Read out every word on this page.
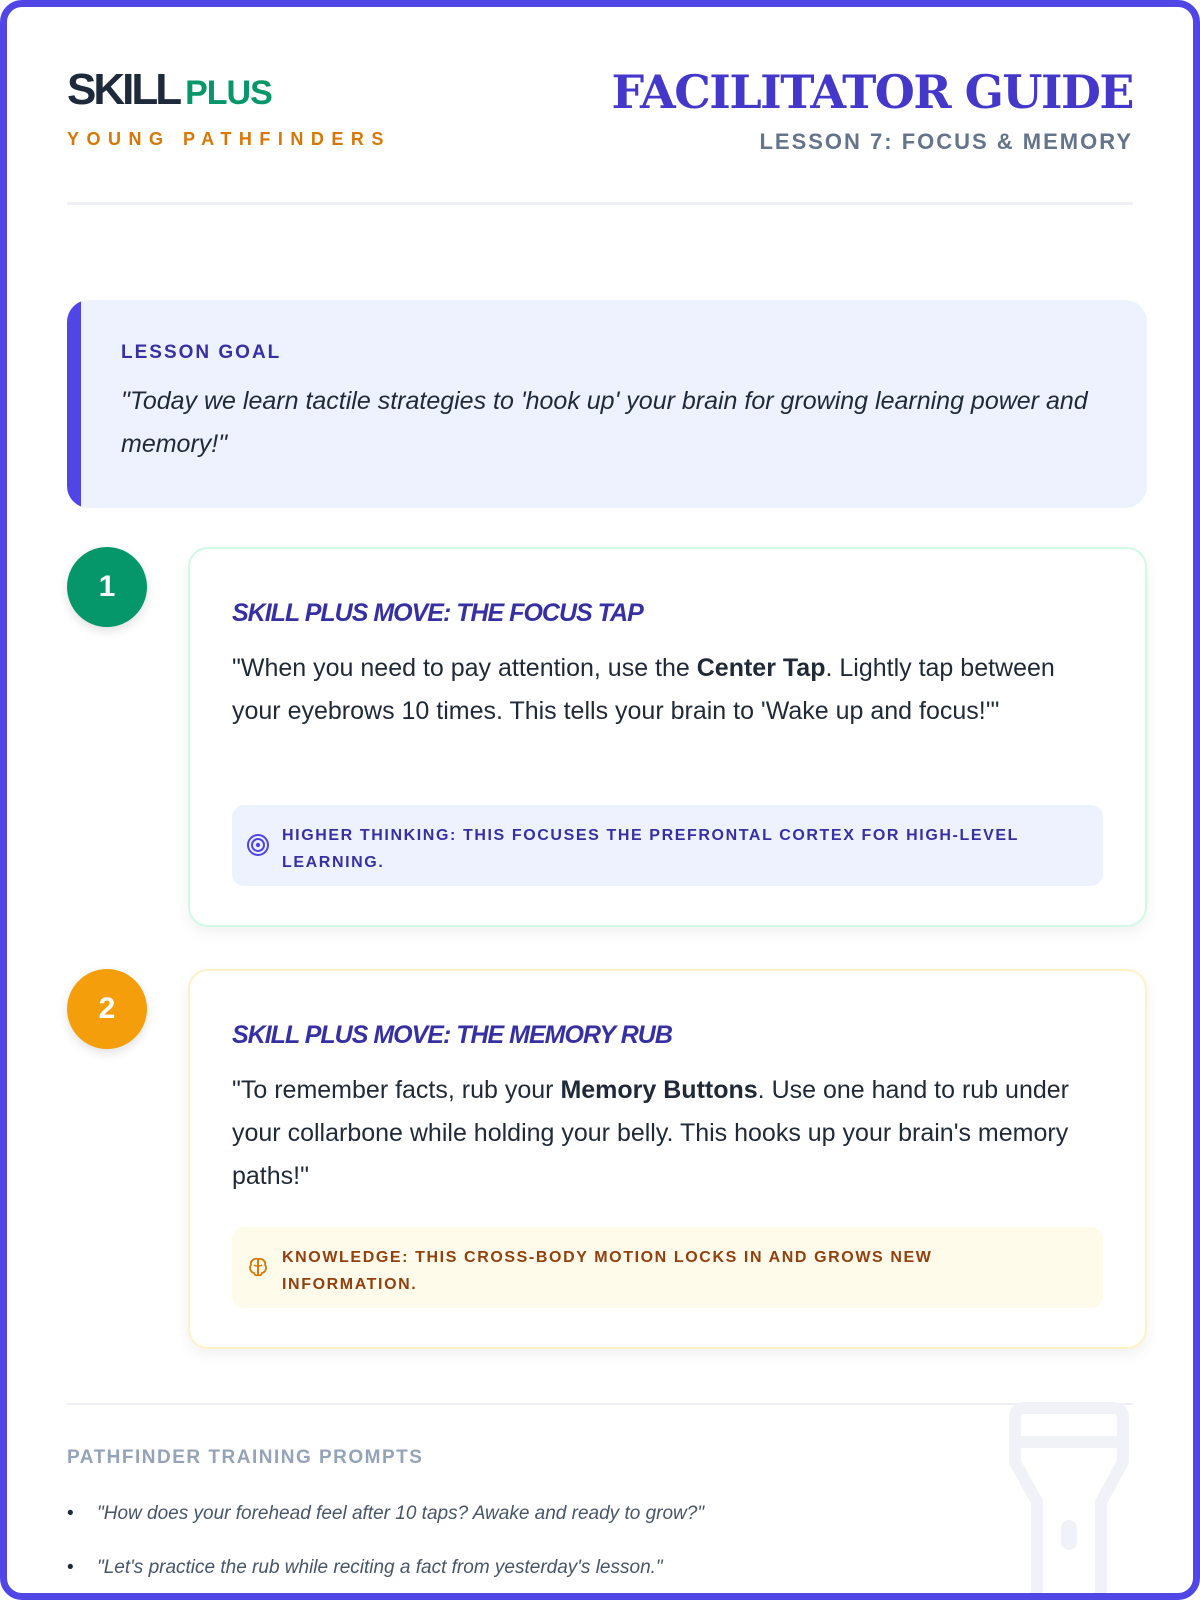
SKILL PLUS
YOUNG PATHFINDERS
FACILITATOR GUIDE
LESSON 7: FOCUS & MEMORY
LESSON GOAL
"Today we learn tactile strategies to 'hook up' your brain for growing learning power and memory!"
1
SKILL PLUS MOVE: THE FOCUS TAP
"When you need to pay attention, use the Center Tap. Lightly tap between your eyebrows 10 times. This tells your brain to 'Wake up and focus!'"
HIGHER THINKING: THIS FOCUSES THE PREFRONTAL CORTEX FOR HIGH-LEVEL LEARNING.
2
SKILL PLUS MOVE: THE MEMORY RUB
"To remember facts, rub your Memory Buttons. Use one hand to rub under your collarbone while holding your belly. This hooks up your brain's memory paths!"
KNOWLEDGE: THIS CROSS-BODY MOTION LOCKS IN AND GROWS NEW INFORMATION.
PATHFINDER TRAINING PROMPTS
• "How does your forehead feel after 10 taps? Awake and ready to grow?"
• "Let's practice the rub while reciting a fact from yesterday's lesson."
